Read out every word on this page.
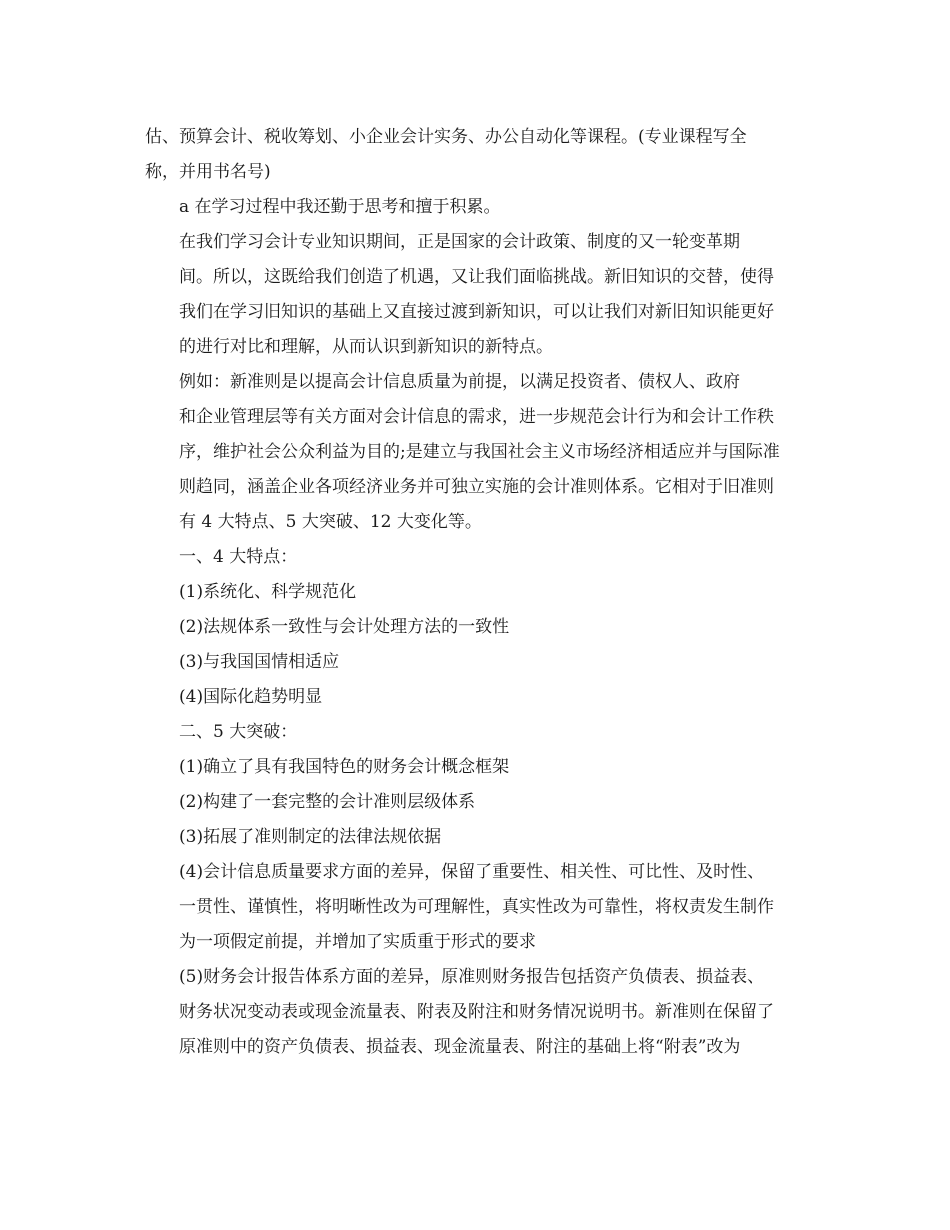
估、预算会计、税收筹划、小企业会计实务、办公自动化等课程。(专业课程写全
称，并用书名号)

a 在学习过程中我还勤于思考和擅于积累。

在我们学习会计专业知识期间，正是国家的会计政策、制度的又一轮变革期
间。所以，这既给我们创造了机遇，又让我们面临挑战。新旧知识的交替，使得
我们在学习旧知识的基础上又直接过渡到新知识，可以让我们对新旧知识能更好
的进行对比和理解，从而认识到新知识的新特点。

例如：新准则是以提高会计信息质量为前提，以满足投资者、债权人、政府
和企业管理层等有关方面对会计信息的需求，进一步规范会计行为和会计工作秩
序，维护社会公众利益为目的;是建立与我国社会主义市场经济相适应并与国际准
则趋同，涵盖企业各项经济业务并可独立实施的会计准则体系。它相对于旧准则
有 4 大特点、5 大突破、12 大变化等。

一、4 大特点：

(1)系统化、科学规范化

(2)法规体系一致性与会计处理方法的一致性

(3)与我国国情相适应

(4)国际化趋势明显

二、5 大突破：

(1)确立了具有我国特色的财务会计概念框架

(2)构建了一套完整的会计准则层级体系

(3)拓展了准则制定的法律法规依据

(4)会计信息质量要求方面的差异，保留了重要性、相关性、可比性、及时性、
一贯性、谨慎性，将明晰性改为可理解性，真实性改为可靠性，将权责发生制作
为一项假定前提，并增加了实质重于形式的要求

(5)财务会计报告体系方面的差异，原准则财务报告包括资产负债表、损益表、
财务状况变动表或现金流量表、附表及附注和财务情况说明书。新准则在保留了
原准则中的资产负债表、损益表、现金流量表、附注的基础上将“附表”改为
